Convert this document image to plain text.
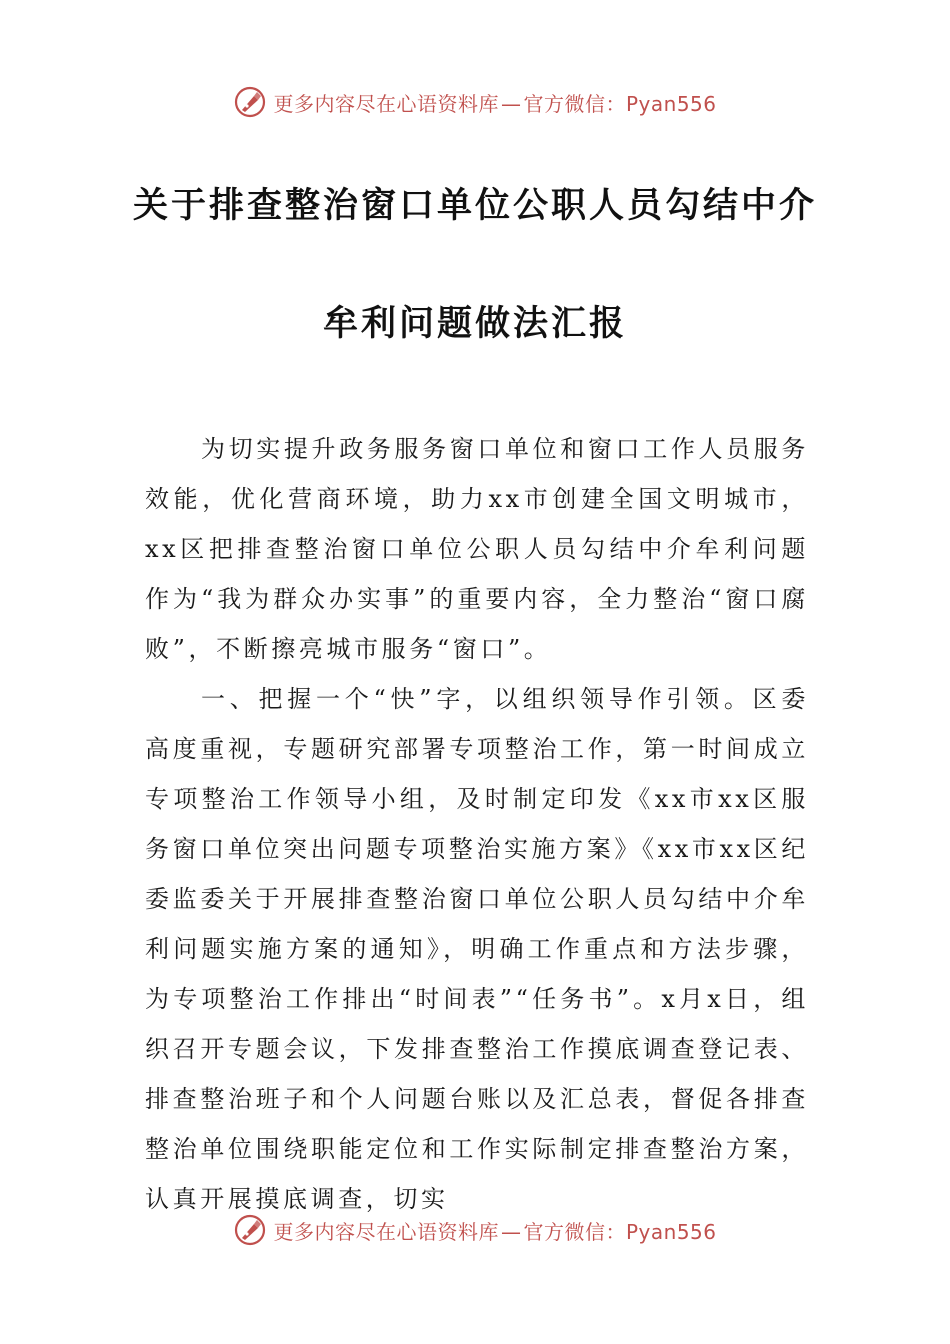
更多内容尽在心语资料库 — 官方微信：Pyan556
关于排查整治窗口单位公职人员勾结中介
牟利问题做法汇报

为切实提升政务服务窗口单位和窗口工作人员服务效能，优化营商环境，助力xx市创建全国文明城市，xx区把排查整治窗口单位公职人员勾结中介牟利问题作为“我为群众办实事”的重要内容，全力整治“窗口腐败”，不断擦亮城市服务“窗口”。

一、把握一个“快”字，以组织领导作引领。区委高度重视，专题研究部署专项整治工作，第一时间成立专项整治工作领导小组，及时制定印发《xx市xx区服务窗口单位突出问题专项整治实施方案》《xx市xx区纪委监委关于开展排查整治窗口单位公职人员勾结中介牟利问题实施方案的通知》，明确工作重点和方法步骤，为专项整治工作排出“时间表”“任务书”。x月x日，组织召开专题会议，下发排查整治工作摸底调查登记表、排查整治班子和个人问题台账以及汇总表，督促各排查整治单位围绕职能定位和工作实际制定排查整治方案，认真开展摸底调查，切实

更多内容尽在心语资料库 — 官方微信：Pyan556
